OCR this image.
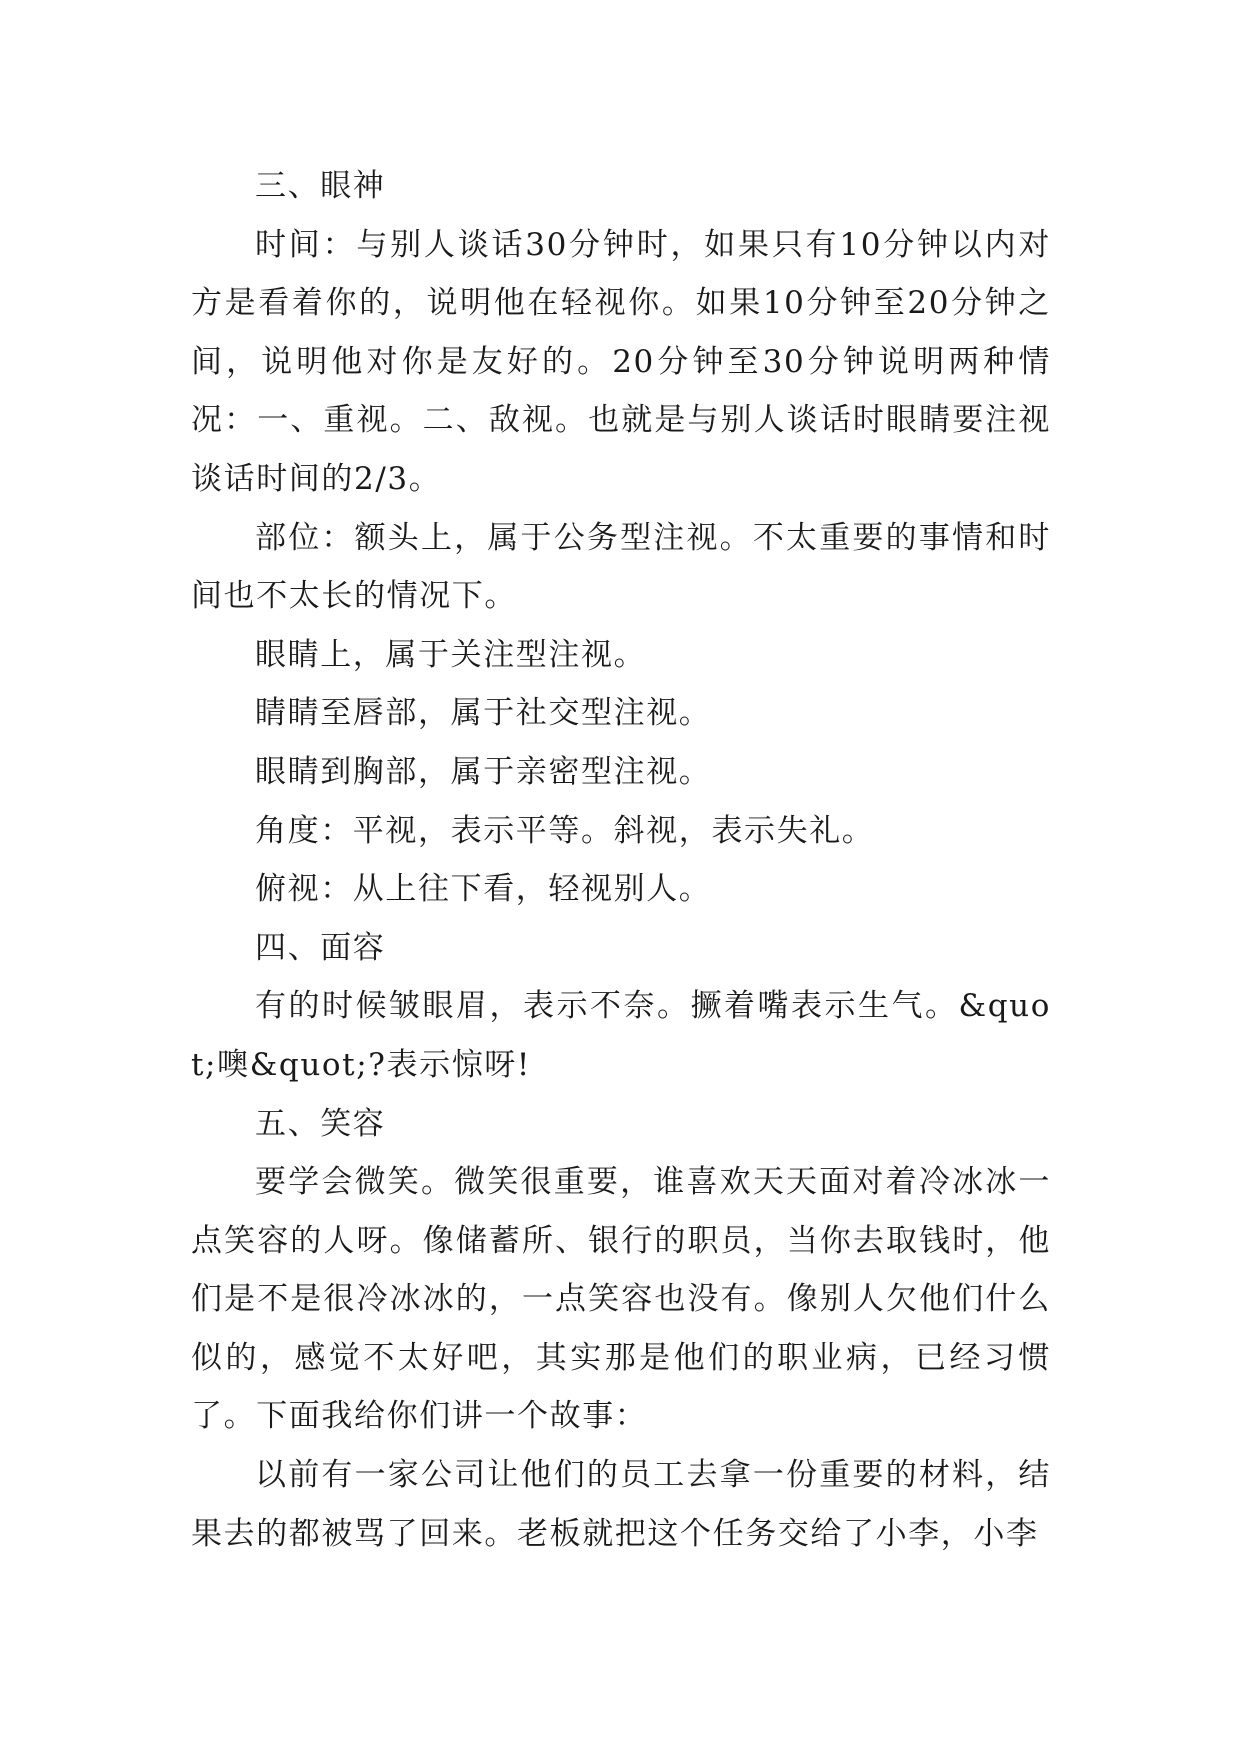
三、眼神

时间：与别人谈话30分钟时，如果只有10分钟以内对方是看着你的，说明他在轻视你。如果10分钟至20分钟之间，说明他对你是友好的。20分钟至30分钟说明两种情况：一、重视。二、敌视。也就是与别人谈话时眼睛要注视谈话时间的2/3。

部位：额头上，属于公务型注视。不太重要的事情和时间也不太长的情况下。

眼睛上，属于关注型注视。

睛睛至唇部，属于社交型注视。

眼睛到胸部，属于亲密型注视。

角度：平视，表示平等。斜视，表示失礼。

俯视：从上往下看，轻视别人。

四、面容

有的时候皱眼眉，表示不奈。撅着嘴表示生气。&quot;噢&quot;?表示惊呀!

五、笑容

要学会微笑。微笑很重要，谁喜欢天天面对着冷冰冰一点笑容的人呀。像储蓄所、银行的职员，当你去取钱时，他们是不是很冷冰冰的，一点笑容也没有。像别人欠他们什么似的，感觉不太好吧，其实那是他们的职业病，已经习惯了。下面我给你们讲一个故事：

以前有一家公司让他们的员工去拿一份重要的材料，结果去的都被骂了回来。老板就把这个任务交给了小李，小李
